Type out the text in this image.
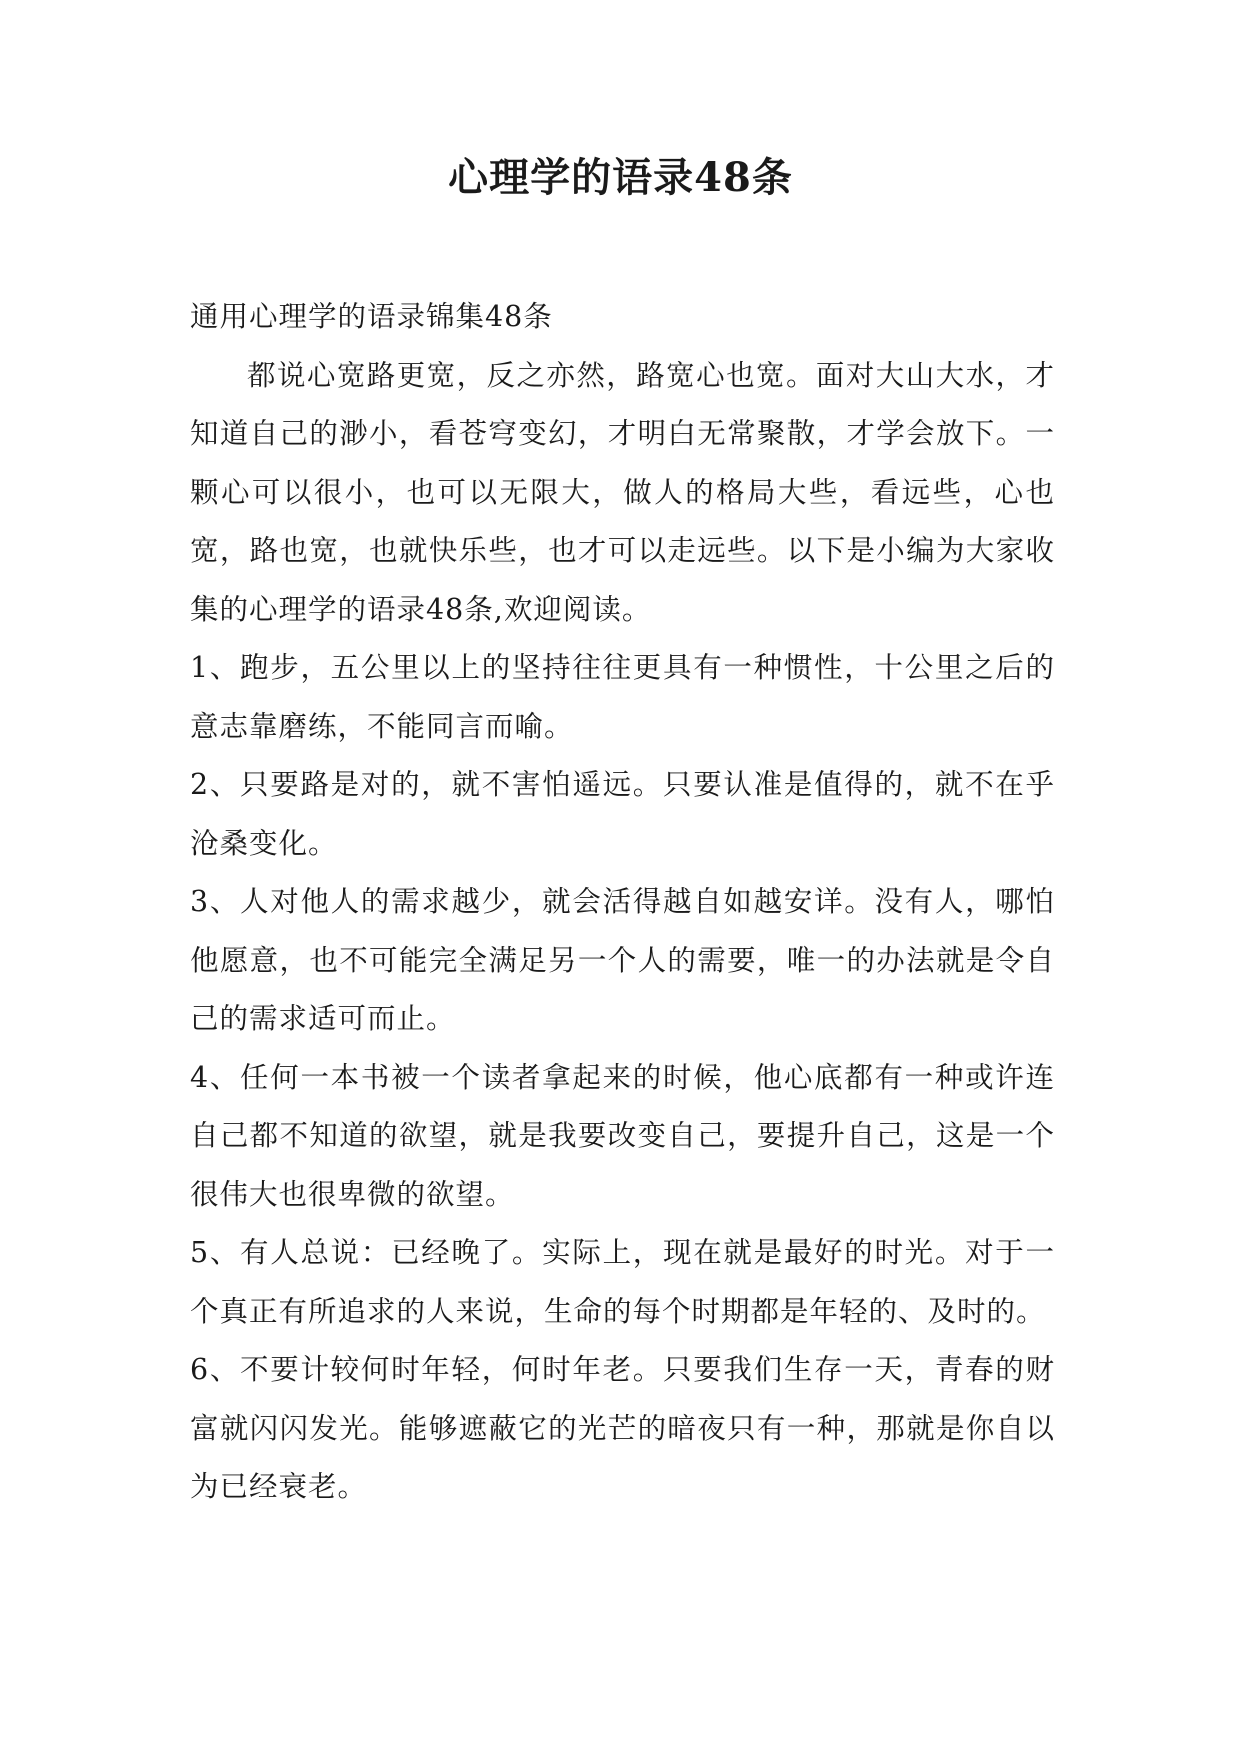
心理学的语录48条

通用心理学的语录锦集48条

都说心宽路更宽，反之亦然，路宽心也宽。面对大山大水，才知道自己的渺小，看苍穹变幻，才明白无常聚散，才学会放下。一颗心可以很小，也可以无限大，做人的格局大些，看远些，心也宽，路也宽，也就快乐些，也才可以走远些。以下是小编为大家收集的心理学的语录48条,欢迎阅读。

1、跑步，五公里以上的坚持往往更具有一种惯性，十公里之后的意志靠磨练，不能同言而喻。

2、只要路是对的，就不害怕遥远。只要认准是值得的，就不在乎沧桑变化。

3、人对他人的需求越少，就会活得越自如越安详。没有人，哪怕他愿意，也不可能完全满足另一个人的需要，唯一的办法就是令自己的需求适可而止。

4、任何一本书被一个读者拿起来的时候，他心底都有一种或许连自己都不知道的欲望，就是我要改变自己，要提升自己，这是一个很伟大也很卑微的欲望。

5、有人总说：已经晚了。实际上，现在就是最好的时光。对于一个真正有所追求的人来说，生命的每个时期都是年轻的、及时的。

6、不要计较何时年轻，何时年老。只要我们生存一天，青春的财富就闪闪发光。能够遮蔽它的光芒的暗夜只有一种，那就是你自以为已经衰老。
